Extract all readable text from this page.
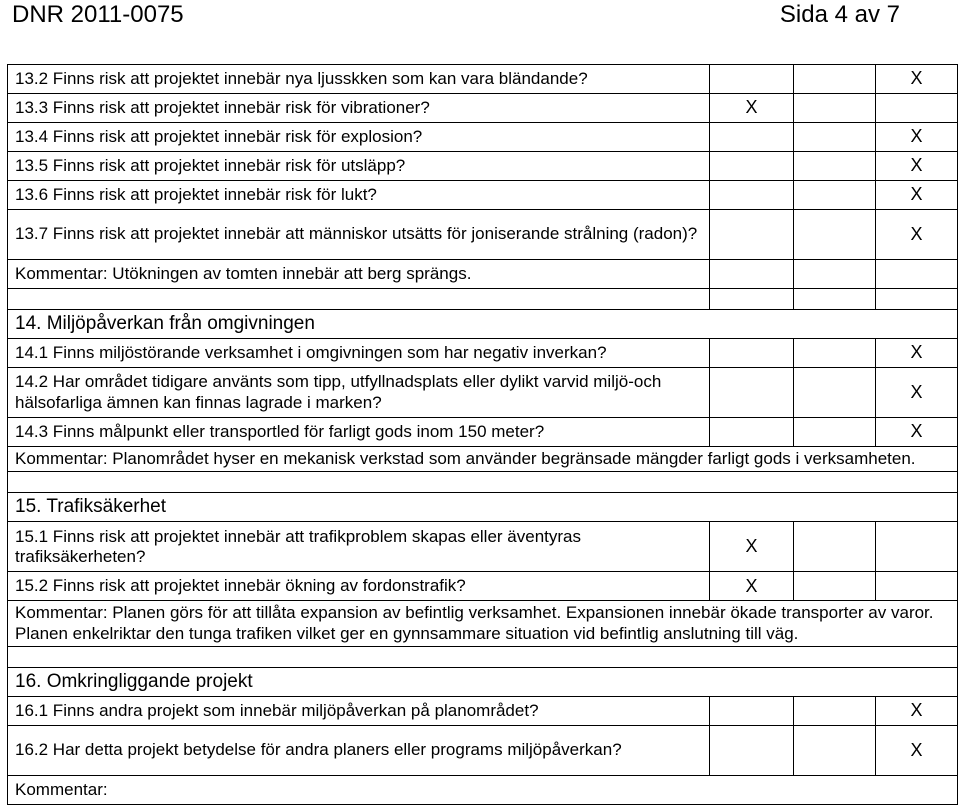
DNR 2011-0075	Sida 4 av 7
13.2 Finns risk att projektet innebär nya ljusskken som kan vara bländande?			X
13.3 Finns risk att projektet innebär risk för vibrationer?	X		
13.4 Finns risk att projektet innebär risk för explosion?			X
13.5 Finns risk att projektet innebär risk för utsläpp?			X
13.6 Finns risk att projektet innebär risk för lukt?			X
13.7 Finns risk att projektet innebär att människor utsätts för joniserande strålning (radon)?			X
Kommentar: Utökningen av tomten innebär att berg sprängs.			

14. Miljöpåverkan från omgivningen			
14.1 Finns miljöstörande verksamhet i omgivningen som har negativ inverkan?			X
14.2 Har området tidigare använts som tipp, utfyllnadsplats eller dylikt varvid miljö-och hälsofarliga ämnen kan finnas lagrade i marken?			X
14.3 Finns målpunkt eller transportled för farligt gods inom 150 meter?			X
Kommentar: Planområdet hyser en mekanisk verkstad som använder begränsade mängder farligt gods i verksamheten.			

15. Trafiksäkerhet			
15.1 Finns risk att projektet innebär att trafikproblem skapas eller äventyras trafiksäkerheten?	X		
15.2 Finns risk att projektet innebär ökning av fordonstrafik?	X		
Kommentar: Planen görs för att tillåta expansion av befintlig verksamhet. Expansionen innebär ökade transporter av varor. Planen enkelriktar den tunga trafiken vilket ger en gynnsammare situation vid befintlig anslutning till väg.			

16. Omkringliggande projekt			
16.1 Finns andra projekt som innebär miljöpåverkan på planområdet?			X
16.2 Har detta projekt betydelse för andra planers eller programs miljöpåverkan?			X
Kommentar:			
